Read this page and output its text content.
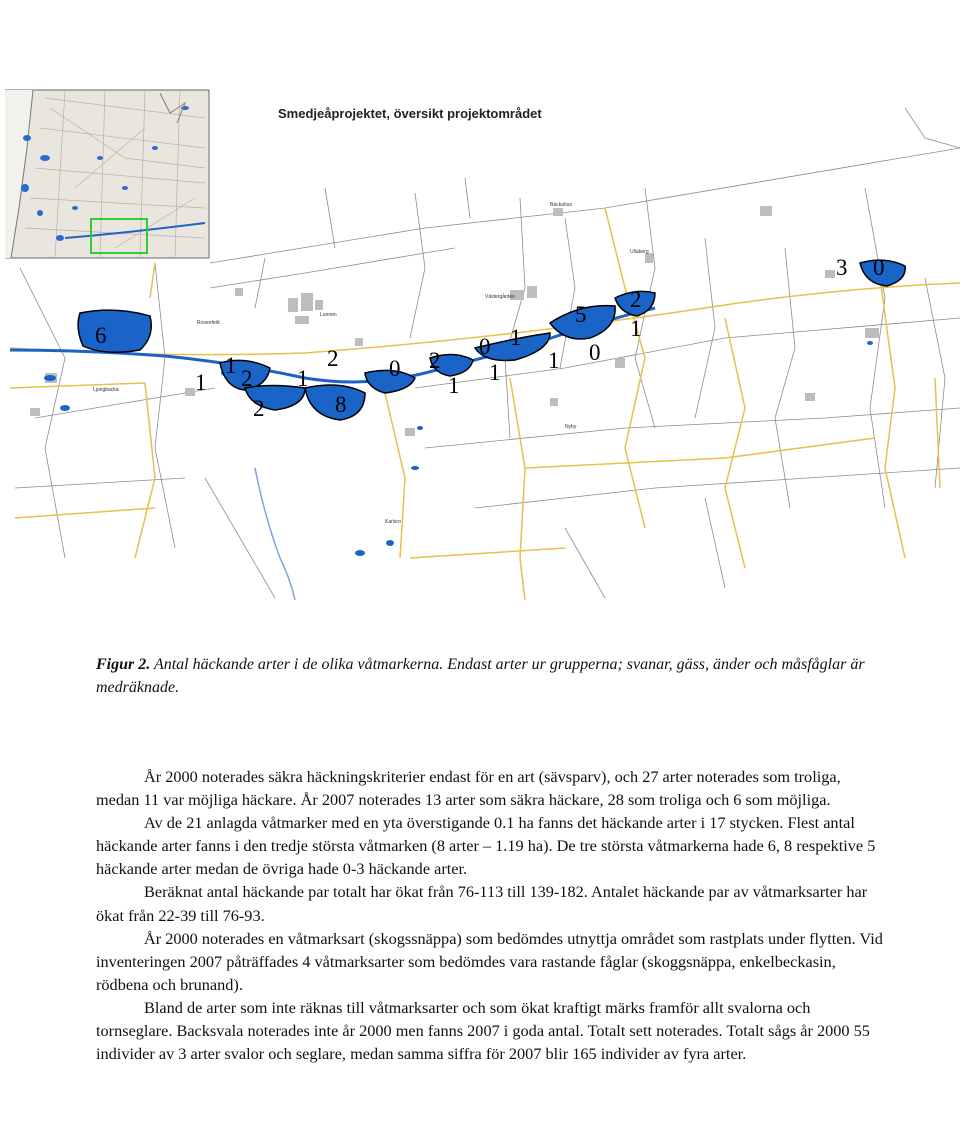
Smedjeåprojektet, översikt projektområdet
Rosenfeld
Ljungbacka
Lunnen
Bäckahus
Västergården
Karlsro
Nyby
Ullaberg
6
1
1
2
2
1
2
8
0 2
1
0
1
1
1
5
0
2
1
3 0
Figur 2. Antal häckande arter i de olika våtmarkerna. Endast arter ur grupperna; svanar, gäss, änder och måsfåglar är medräknade.

År 2000 noterades säkra häckningskriterier endast för en art (sävsparv), och 27 arter noterades som troliga, medan 11 var möjliga häckare. År 2007 noterades 13 arter som säkra häckare, 28 som troliga och 6 som möjliga.

Av de 21 anlagda våtmarker med en yta överstigande 0.1 ha fanns det häckande arter i 17 stycken. Flest antal häckande arter fanns i den tredje största våtmarken (8 arter – 1.19 ha). De tre största våtmarkerna hade 6, 8 respektive 5 häckande arter medan de övriga hade 0-3 häckande arter.

Beräknat antal häckande par totalt har ökat från 76-113 till 139-182. Antalet häckande par av våtmarksarter har ökat från 22-39 till 76-93.

År 2000 noterades en våtmarksart (skogssnäppa) som bedömdes utnyttja området som rastplats under flytten. Vid inventeringen 2007 påträffades 4 våtmarksarter som bedömdes vara rastande fåglar (skoggsnäppa, enkelbeckasin, rödbena och brunand).

Bland de arter som inte räknas till våtmarksarter och som ökat kraftigt märks framför allt svalorna och tornseglare. Backsvala noterades inte år 2000 men fanns 2007 i goda antal. Totalt sett noterades. Totalt sågs år 2000 55 individer av 3 arter svalor och seglare, medan samma siffra för 2007 blir 165 individer av fyra arter.
